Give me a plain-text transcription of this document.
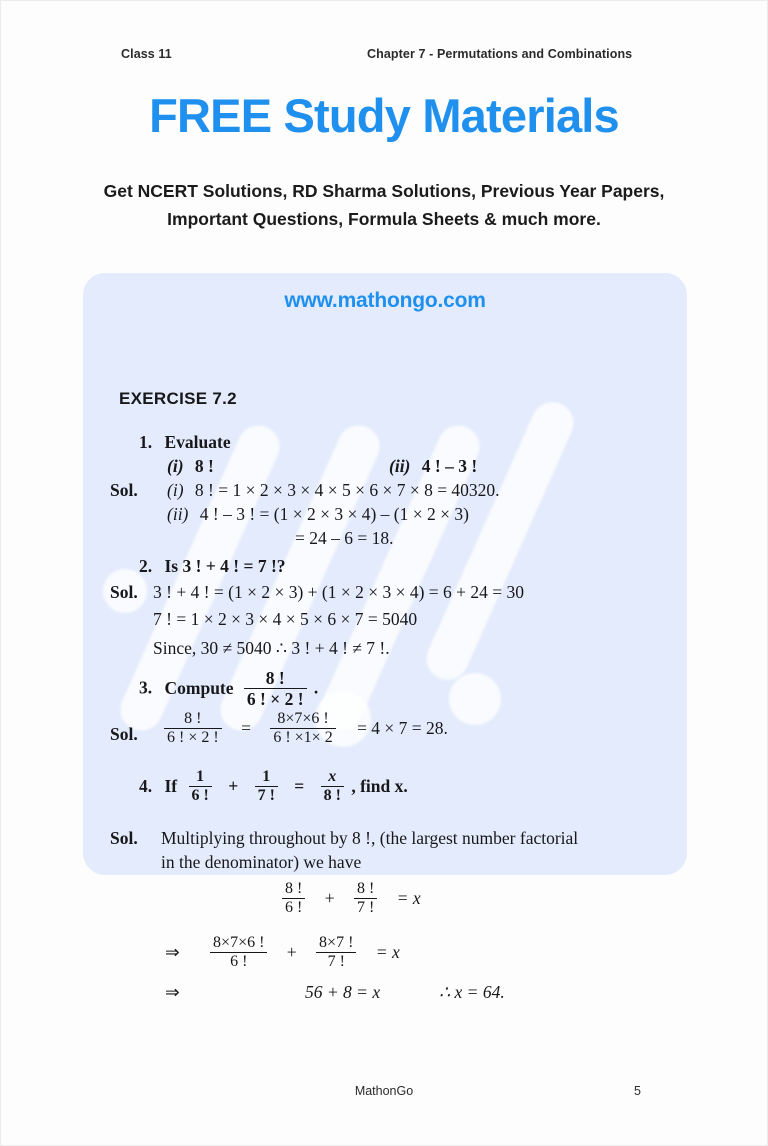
Class 11	Chapter 7 - Permutations and Combinations
FREE Study Materials
Get NCERT Solutions, RD Sharma Solutions, Previous Year Papers,
Important Questions, Formula Sheets & much more.
www.mathongo.com
EXERCISE 7.2
1. Evaluate
(i) 8 !	(ii) 4 ! – 3 !
Sol. (i) 8 ! = 1 × 2 × 3 × 4 × 5 × 6 × 7 × 8 = 40320.
(ii) 4 ! – 3 ! = (1 × 2 × 3 × 4) – (1 × 2 × 3)
= 24 – 6 = 18.
2. Is 3 ! + 4 ! = 7 !?
Sol. 3 ! + 4 ! = (1 × 2 × 3) + (1 × 2 × 3 × 4) = 6 + 24 = 30
7 ! = 1 × 2 × 3 × 4 × 5 × 6 × 7 = 5040
Since, 30 ≠ 5040 ∴ 3 ! + 4 ! ≠ 7 !.
3. Compute $\frac{8 !}{6 ! \times 2 !}$ .
Sol. $\frac{8 !}{6 ! \times 2 !} = \frac{8\times 7\times 6 !}{6 ! \times 1\times 2} = 4 \times 7 = 28$.
4. If $\frac{1}{6 !} + \frac{1}{7 !} = \frac{x}{8 !}$ , find x.
Sol. Multiplying throughout by 8 !, (the largest number factorial
in the denominator) we have
$\frac{8 !}{6 !} + \frac{8 !}{7 !} = x$
⇒ $\frac{8\times 7\times 6 !}{6 !} + \frac{8\times 7 !}{7 !} = x$
⇒	56 + 8 = x	∴ x = 64.
MathonGo	5
